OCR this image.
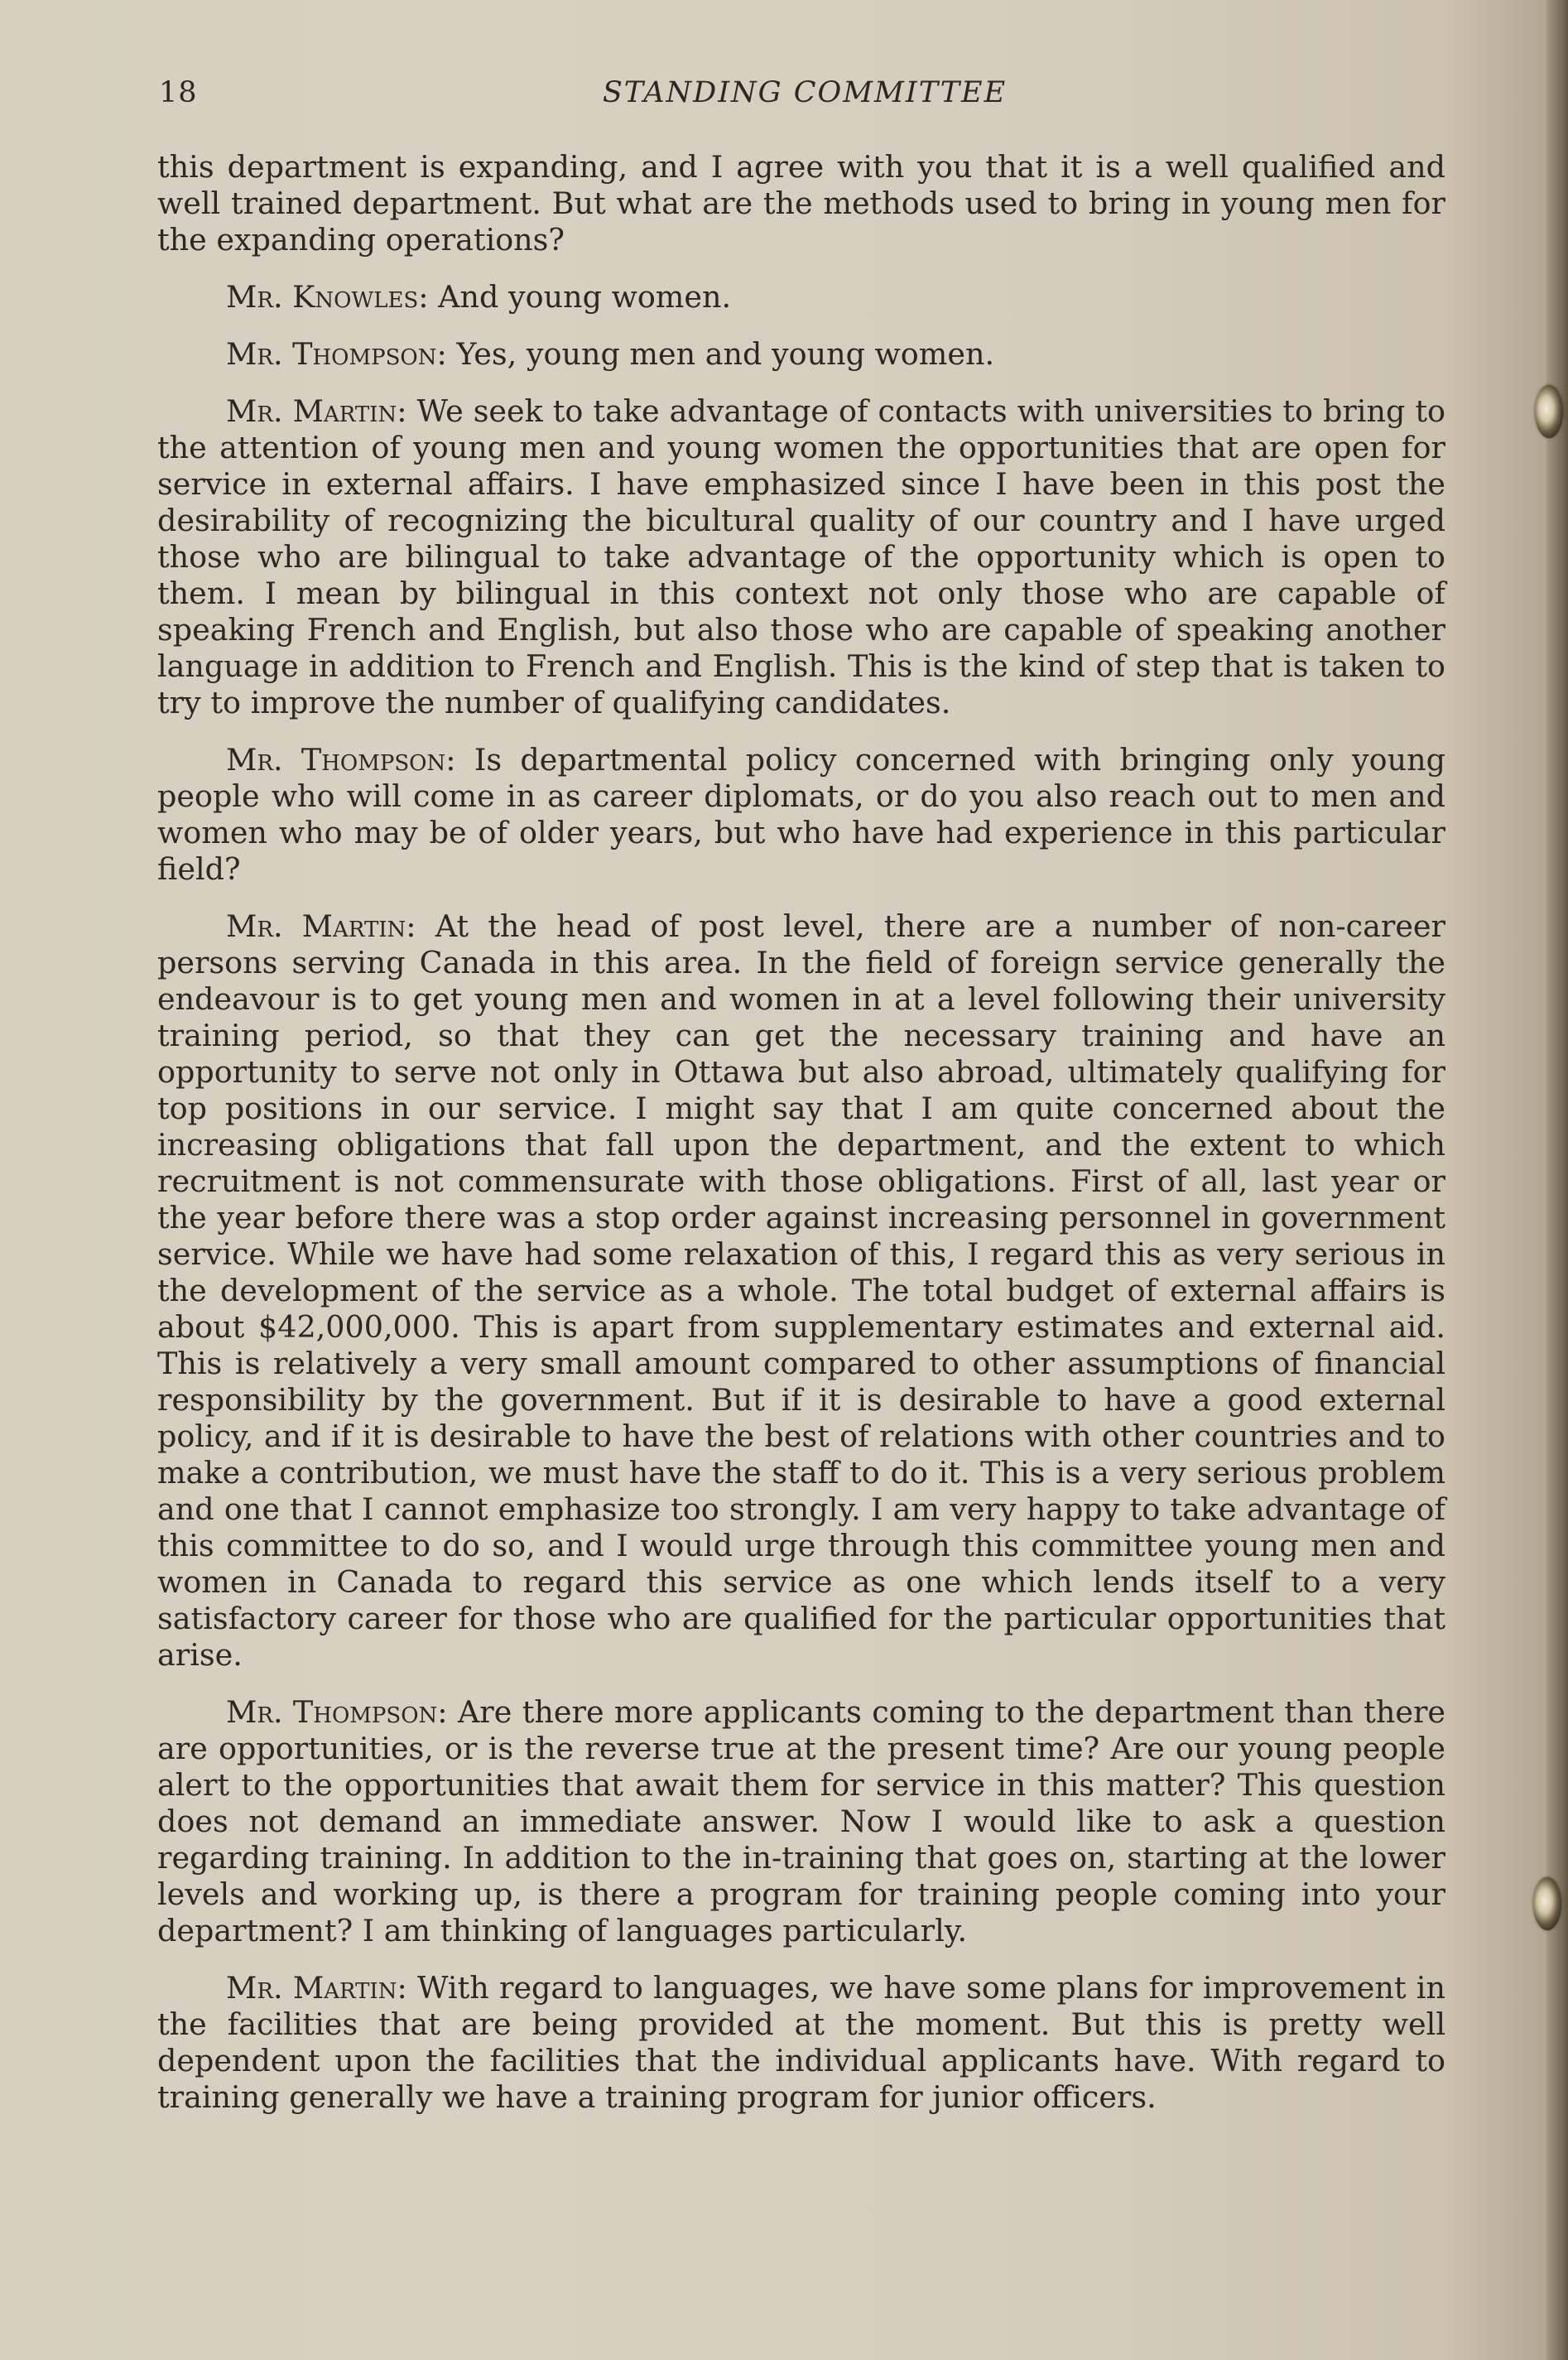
18	STANDING COMMITTEE

this department is expanding, and I agree with you that it is a well qualified and well trained department. But what are the methods used to bring in young men for the expanding operations?

Mr. Knowles: And young women.

Mr. Thompson: Yes, young men and young women.

Mr. Martin: We seek to take advantage of contacts with universities to bring to the attention of young men and young women the opportunities that are open for service in external affairs. I have emphasized since I have been in this post the desirability of recognizing the bicultural quality of our country and I have urged those who are bilingual to take advantage of the opportunity which is open to them. I mean by bilingual in this context not only those who are capable of speaking French and English, but also those who are capable of speaking another language in addition to French and English. This is the kind of step that is taken to try to improve the number of qualifying candidates.

Mr. Thompson: Is departmental policy concerned with bringing only young people who will come in as career diplomats, or do you also reach out to men and women who may be of older years, but who have had experience in this particular field?

Mr. Martin: At the head of post level, there are a number of non-career persons serving Canada in this area. In the field of foreign service generally the endeavour is to get young men and women in at a level following their university training period, so that they can get the necessary training and have an opportunity to serve not only in Ottawa but also abroad, ultimately qualifying for top positions in our service. I might say that I am quite concerned about the increasing obligations that fall upon the department, and the extent to which recruitment is not commensurate with those obligations. First of all, last year or the year before there was a stop order against increasing personnel in government service. While we have had some relaxation of this, I regard this as very serious in the development of the service as a whole. The total budget of external affairs is about $42,000,000. This is apart from supplementary estimates and external aid. This is relatively a very small amount compared to other assumptions of financial responsibility by the government. But if it is desirable to have a good external policy, and if it is desirable to have the best of relations with other countries and to make a contribution, we must have the staff to do it. This is a very serious problem and one that I cannot emphasize too strongly. I am very happy to take advantage of this committee to do so, and I would urge through this committee young men and women in Canada to regard this service as one which lends itself to a very satisfactory career for those who are qualified for the particular opportunities that arise.

Mr. Thompson: Are there more applicants coming to the department than there are opportunities, or is the reverse true at the present time? Are our young people alert to the opportunities that await them for service in this matter? This question does not demand an immediate answer. Now I would like to ask a question regarding training. In addition to the in-training that goes on, starting at the lower levels and working up, is there a program for training people coming into your department? I am thinking of languages particularly.

Mr. Martin: With regard to languages, we have some plans for improvement in the facilities that are being provided at the moment. But this is pretty well dependent upon the facilities that the individual applicants have. With regard to training generally we have a training program for junior officers.
